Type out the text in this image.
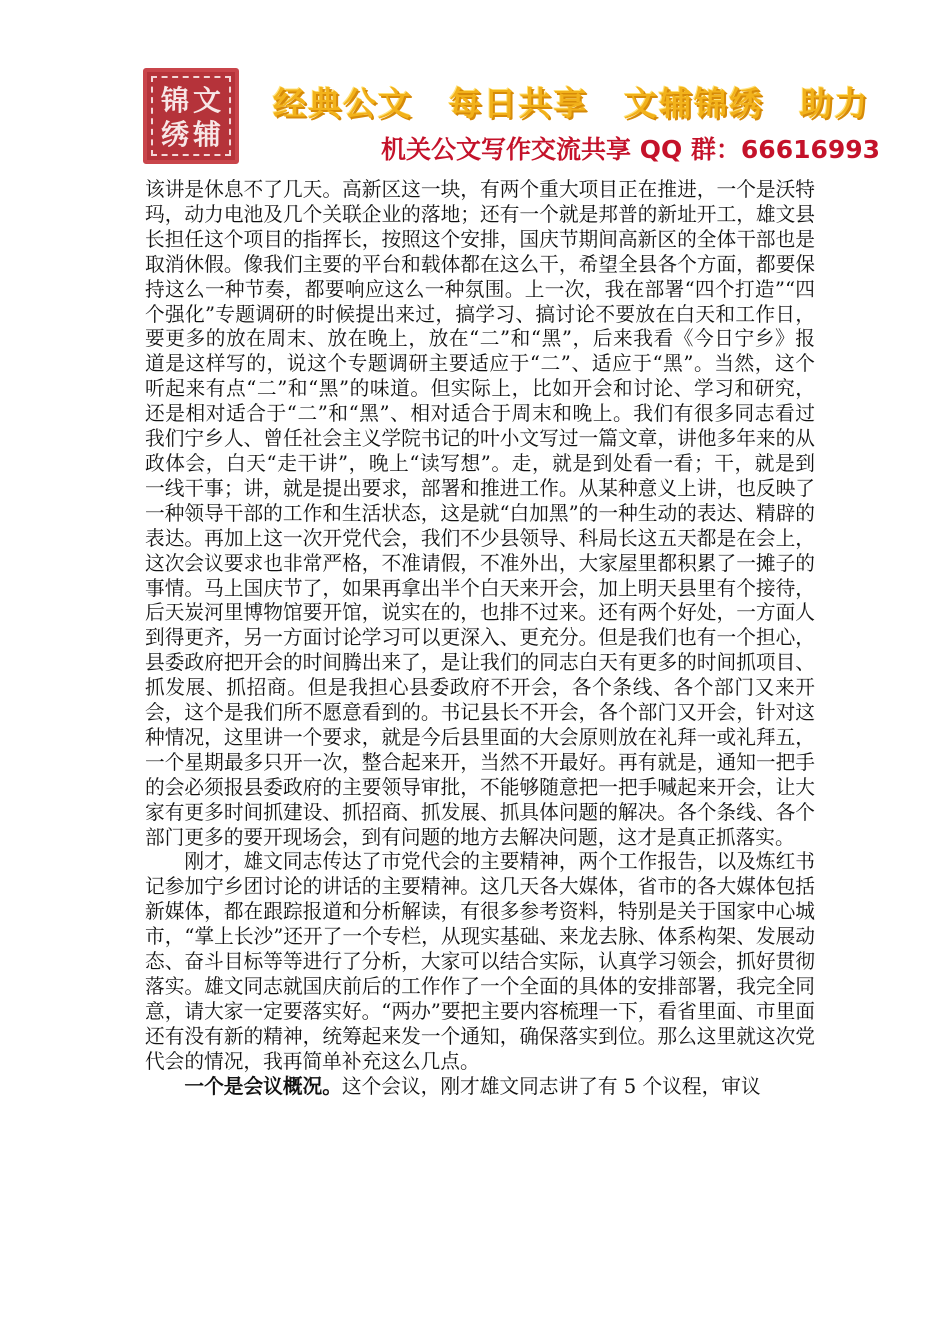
锦 文
绣 辅
经典公文 每日共享 文辅锦绣 助力
机关公文写作交流共享 QQ 群：66616993

该讲是休息不了几天。高新区这一块，有两个重大项目正在推进，一个是沃特玛，动力电池及几个关联企业的落地；还有一个就是邦普的新址开工，雄文县长担任这个项目的指挥长，按照这个安排，国庆节期间高新区的全体干部也是取消休假。像我们主要的平台和载体都在这么干，希望全县各个方面，都要保持这么一种节奏，都要响应这么一种氛围。上一次，我在部署“四个打造”“四个强化”专题调研的时候提出来过，搞学习、搞讨论不要放在白天和工作日，要更多的放在周末、放在晚上，放在“二”和“黑”，后来我看《今日宁乡》报道是这样写的，说这个专题调研主要适应于“二”、适应于“黑”。当然，这个听起来有点“二”和“黑”的味道。但实际上，比如开会和讨论、学习和研究，还是相对适合于“二”和“黑”、相对适合于周末和晚上。我们有很多同志看过我们宁乡人、曾任社会主义学院书记的叶小文写过一篇文章，讲他多年来的从政体会，白天“走干讲”，晚上“读写想”。走，就是到处看一看；干，就是到一线干事；讲，就是提出要求，部署和推进工作。从某种意义上讲，也反映了一种领导干部的工作和生活状态，这是就“白加黑”的一种生动的表达、精辟的表达。再加上这一次开党代会，我们不少县领导、科局长这五天都是在会上，这次会议要求也非常严格，不准请假，不准外出，大家屋里都积累了一摊子的事情。马上国庆节了，如果再拿出半个白天来开会，加上明天县里有个接待，后天炭河里博物馆要开馆，说实在的，也排不过来。还有两个好处，一方面人到得更齐，另一方面讨论学习可以更深入、更充分。但是我们也有一个担心，县委政府把开会的时间腾出来了，是让我们的同志白天有更多的时间抓项目、抓发展、抓招商。但是我担心县委政府不开会，各个条线、各个部门又来开会，这个是我们所不愿意看到的。书记县长不开会，各个部门又开会，针对这种情况，这里讲一个要求，就是今后县里面的大会原则放在礼拜一或礼拜五，一个星期最多只开一次，整合起来开，当然不开最好。再有就是，通知一把手的会必须报县委政府的主要领导审批，不能够随意把一把手喊起来开会，让大家有更多时间抓建设、抓招商、抓发展、抓具体问题的解决。各个条线、各个部门更多的要开现场会，到有问题的地方去解决问题，这才是真正抓落实。

刚才，雄文同志传达了市党代会的主要精神，两个工作报告，以及炼红书记参加宁乡团讨论的讲话的主要精神。这几天各大媒体，省市的各大媒体包括新媒体，都在跟踪报道和分析解读，有很多参考资料，特别是关于国家中心城市，“掌上长沙”还开了一个专栏，从现实基础、来龙去脉、体系构架、发展动态、奋斗目标等等进行了分析，大家可以结合实际，认真学习领会，抓好贯彻落实。雄文同志就国庆前后的工作作了一个全面的具体的安排部署，我完全同意，请大家一定要落实好。“两办”要把主要内容梳理一下，看省里面、市里面还有没有新的精神，统筹起来发一个通知，确保落实到位。那么这里就这次党代会的情况，我再简单补充这么几点。

一个是会议概况。这个会议，刚才雄文同志讲了有 5 个议程，审议
